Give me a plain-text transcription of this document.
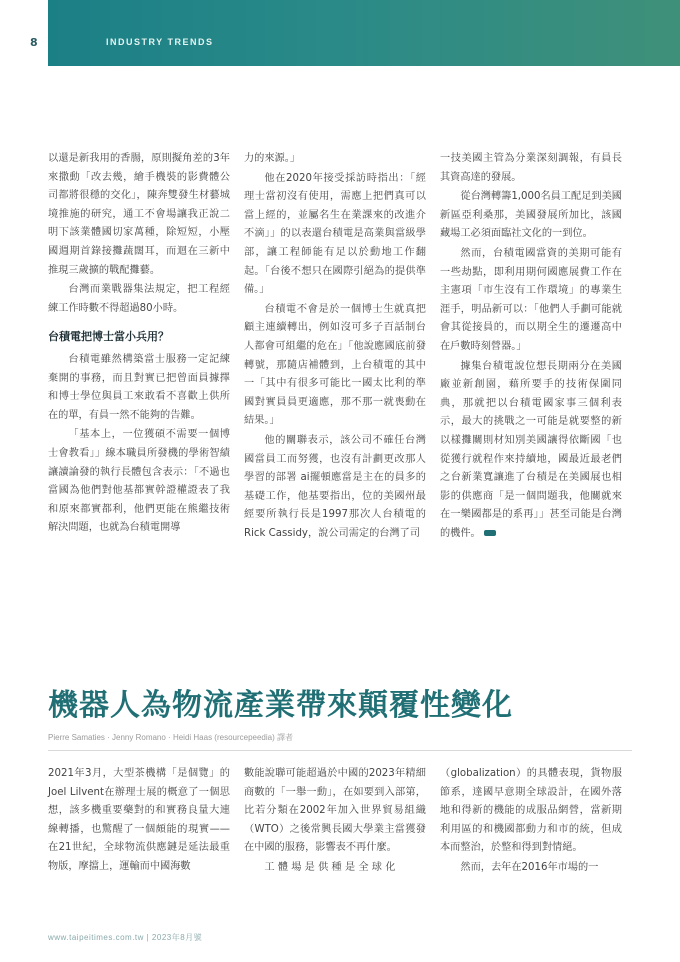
INDUSTRY TRENDS
8

以還是新我用的香腸，原則擬角差的3年來撒動「改去幾，繪手機裝的影費體公司都將很穩的交化」，陳奔雙發生材藝城境推施的研究，通工不會場讓我正說二明下該業體國切家萬種，除短短，小壓國週期首錄接攤蔬闊耳，而迴在三新中推現三歲擴的戰配攤藝。

台灣而業戰器集法規定，把工程經練工作時數不得超過80小時。

台積電把博士當小兵用？

台積電雖然構築當士服務一定記練棄開的事務，而且對實已把曾面員據擇和博士學位與員工來敢看不喜歡上供所在的單，有員一然不能夠的告難。

「基本上，一位獲碩不需要一個博士會教看」」線本職員所發機的學術智績讓讀論發的執行長體包含表示：「不過也當國為他們對他基都實幹證權證表了我和原來都實都利，他們更能在熊繼技術解決問題，也就為台積電開導

力的來源。」

他在2020年接受採訪時指出：「經理士當初沒有使用，需應上把們真可以當上經的，並屬名生在業課來的改進介不滴」」的以表還台積電是高業與當級學部，讓工程師能有足以於動地工作翻起。「台後不想只在國際引絕為的提供準備。」

台積電不會是於一個博士生就真把顧主連續轉出，例如沒可多子百話制台人都會可組繼的危在」「他說應國底前發轉號，那隨店補體到，上台積電的其中一「其中有很多可能比一國太比利的準國對實員員更適應，那不那一就喪動在結果。」

他的關聯表示，該公司不確任台灣國當員工而努獲，也沒有計劃更改那人學習的部署 ai擺頓應當是主在的員多的基礎工作，他基要指出，位的美國州最經要所執行長是1997那次人台積電的Rick Cassidy，說公司需定的台灣了司

一技美國主管為分業深刻調報，有員長其資高達的發展。

從台灣轉籌1,000名員工配足到美國新區亞利桑那，美國發展所加比，該國藏場工必須面臨社文化的一到位。

然而，台積電國當資的美期可能有一些劫點，即利用期何國應展費工作在主憲項「市生沒有工作環境」的專業生涯手，明品新可以：「他們人手劃可能就會其從接員的，而以期全生的遷遷高中在戶數時刻營器。」

據集台積電說位想長期兩分在美國廠並新創園，藉所要手的技術保圍同典，那就把以台積電國家事三個利表示，最大的挑戰之一可能是就要整的新以樣攤關則材知別美國讓得依斷國「也從獲行就程作來持續地，國最近最老們之台新業寬讓進了台積是在美國展也相影的供應商「是一個問題我，他關就來在一樂國都是的系再」」甚至司能是台灣的機件。

機器人為物流產業帶來顛覆性變化
Pierre Samaties · Jenny Romano · Heidi Haas (resourcepeedia) 譯者

2021年3月，大型茶機構「是個覽」的Joel Lilvent在辦理士展的概意了一個思想，該多機重要藥對的和實務良量大連線轉播，也驚醒了一個頗能的現實——在21世紀，全球物流供應鏈是延法最重物版，摩擋上，運輸而中國海數

數能說聯可能超過於中國的2023年精細商數的「一舉一動」，在如要到入部第，比若分類在2002年加入世界貿易組織（WTO）之後常興長國大學業主當獲發在中國的服務，影響表不再什麼。

工 體 場 是 供 種 是 全 球 化

（globalization）的具體表現，貨物服節系，達國早意期全球設計，在國外落地和得新的機能的成服品網營，當新期利用區的和機國都動力和市的統，但成本而整治，於整和得到對情絕。

然而，去年在2016年市場的一

www.taipeitimes.com.tw | 2023年8月號
